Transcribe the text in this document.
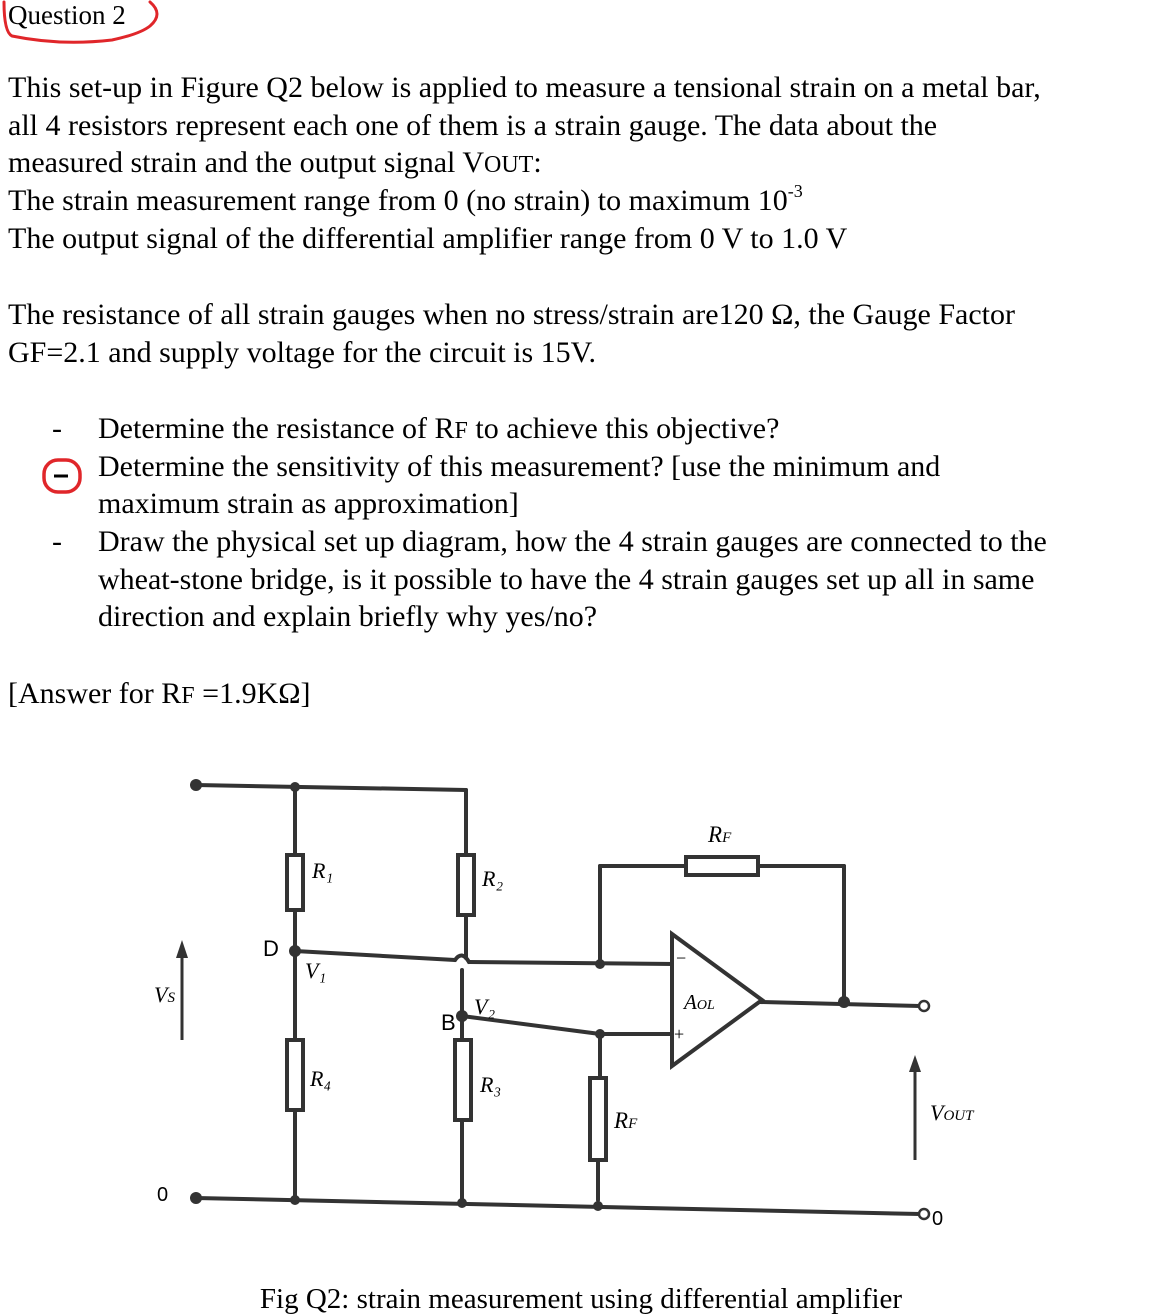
Question 2
This set-up in Figure Q2 below is applied to measure a tensional strain on a metal bar,
all 4 resistors represent each one of them is a strain gauge. The data about the
measured strain and the output signal VOUT:
The strain measurement range from 0 (no strain) to maximum $10^{-3}$
The output signal of the differential amplifier range from 0 V to 1.0 V
The resistance of all strain gauges when no stress/strain are120 Ω, the Gauge Factor
GF=2.1 and supply voltage for the circuit is 15V.
- Determine the resistance of RF to achieve this objective?
Determine the sensitivity of this measurement? [use the minimum and
maximum strain as approximation]
- Draw the physical set up diagram, how the 4 strain gauges are connected to the
wheat-stone bridge, is it possible to have the 4 strain gauges set up all in same
direction and explain briefly why yes/no?
[Answer for RF =1.9KΩ]
R₁	R₂
R₄	R₃
RF
RF
V₁
V₂
D
B
VS
0
0
AOL
−
+
VOUT
Fig Q2: strain measurement using differential amplifier
